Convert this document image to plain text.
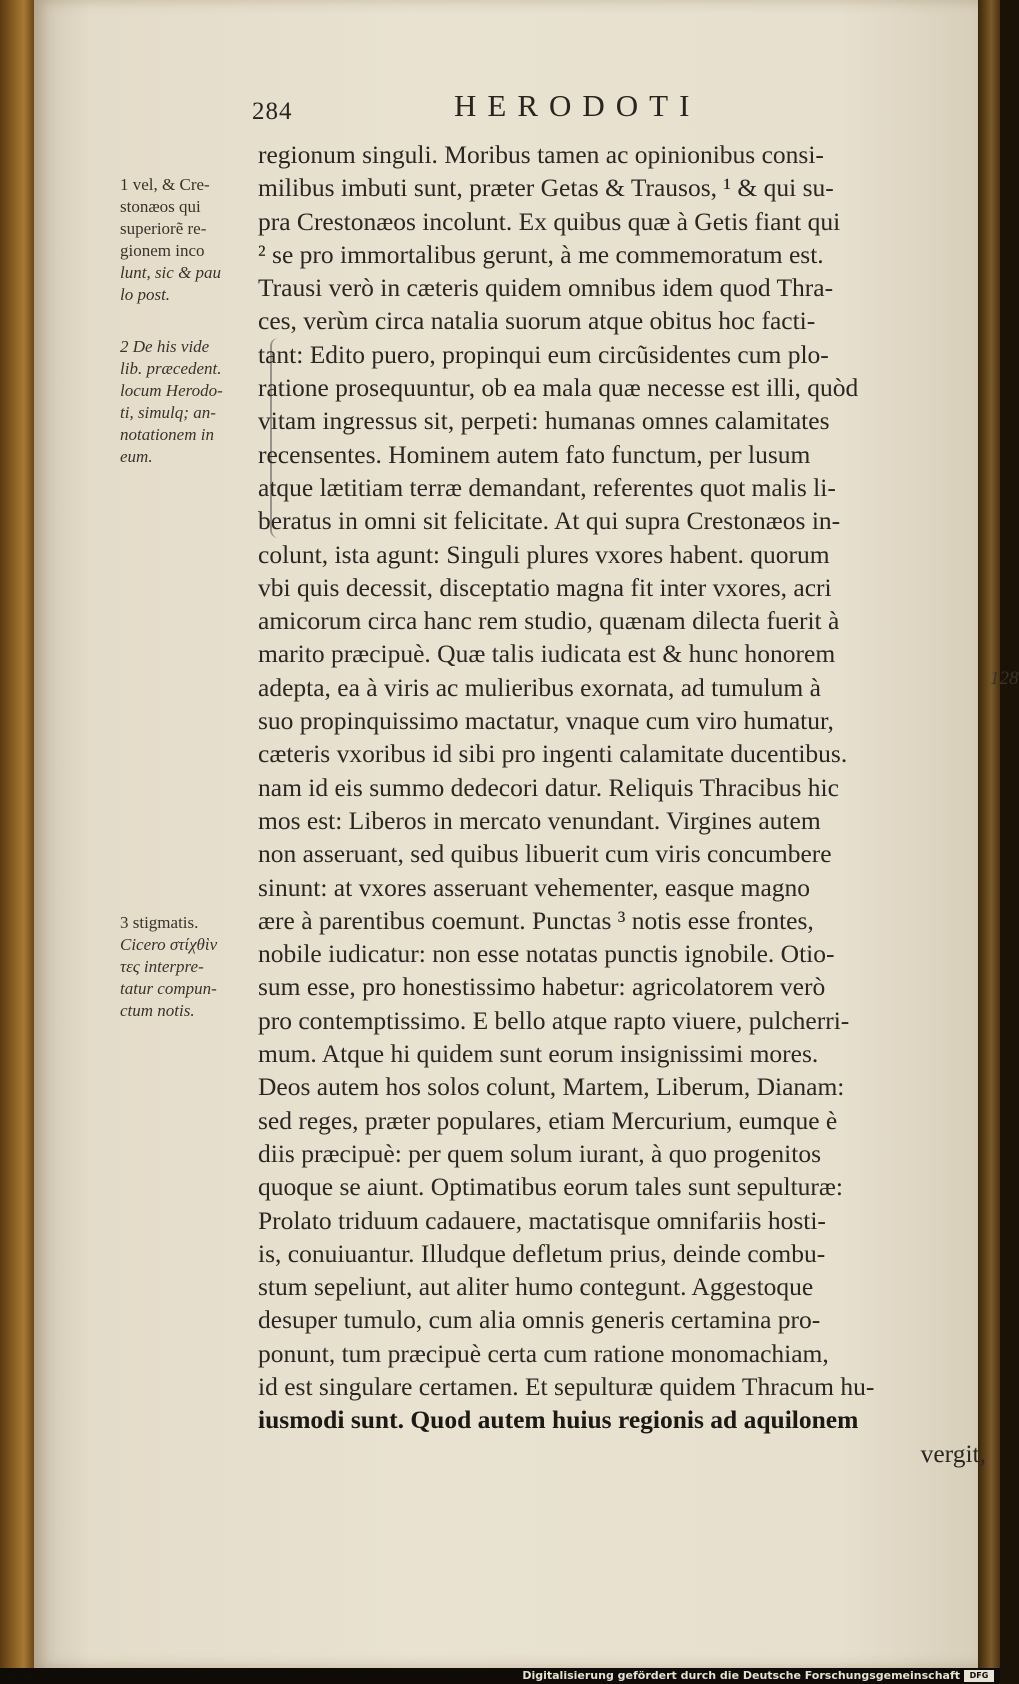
284	HERODOTI

1 vel, & Cre-

stonæos qui

superiorẽ re-

gionem inco

lunt, sic & pau

lo post.

2 De his vide

lib. præcedent.

locum Herodo-

ti, simulq; an-

notationem in

eum.

3 stigmatis.

Cicero στίχθὶν

τες interpre-

tatur compun-

ctum notis.

128
regionum singuli. Moribus tamen ac opinionibus consi-
milibus imbuti sunt, præter Getas & Trausos, ¹ & qui su-
pra Crestonæos incolunt. Ex quibus quæ à Getis fiant qui
² se pro immortalibus gerunt, à me commemoratum est.
Trausi verò in cæteris quidem omnibus idem quod Thra-
ces, verùm circa natalia suorum atque obitus hoc facti-
tant: Edito puero, propinqui eum circũsidentes cum plo-
ratione prosequuntur, ob ea mala quæ necesse est illi, quòd
vitam ingressus sit, perpeti: humanas omnes calamitates
recensentes. Hominem autem fato functum, per lusum
atque lætitiam terræ demandant, referentes quot malis li-
beratus in omni sit felicitate. At qui supra Crestonæos in-
colunt, ista agunt: Singuli plures vxores habent. quorum
vbi quis decessit, disceptatio magna fit inter vxores, acri
amicorum circa hanc rem studio, quænam dilecta fuerit à
marito præcipuè. Quæ talis iudicata est & hunc honorem
adepta, ea à viris ac mulieribus exornata, ad tumulum à
suo propinquissimo mactatur, vnaque cum viro humatur,
cæteris vxoribus id sibi pro ingenti calamitate ducentibus.
nam id eis summo dedecori datur. Reliquis Thracibus hic
mos est: Liberos in mercato venundant. Virgines autem
non asseruant, sed quibus libuerit cum viris concumbere
sinunt: at vxores asseruant vehementer, easque magno
ære à parentibus coemunt. Punctas ³ notis esse frontes,
nobile iudicatur: non esse notatas punctis ignobile. Otio-
sum esse, pro honestissimo habetur: agricolatorem verò
pro contemptissimo. E bello atque rapto viuere, pulcherri-
mum. Atque hi quidem sunt eorum insignissimi mores.
Deos autem hos solos colunt, Martem, Liberum, Dianam:
sed reges, præter populares, etiam Mercurium, eumque è
diis præcipuè: per quem solum iurant, à quo progenitos
quoque se aiunt. Optimatibus eorum tales sunt sepulturæ:
Prolato triduum cadauere, mactatisque omnifariis hosti-
is, conuiuantur. Illudque defletum prius, deinde combu-
stum sepeliunt, aut aliter humo contegunt. Aggestoque
desuper tumulo, cum alia omnis generis certamina pro-
ponunt, tum præcipuè certa cum ratione monomachiam,
id est singulare certamen. Et sepulturæ quidem Thracum hu-
iusmodi sunt. Quod autem huius regionis ad aquilonem
vergit,
Digitalisierung gefördert durch die Deutsche Forschungsgemeinschaft	DFG
